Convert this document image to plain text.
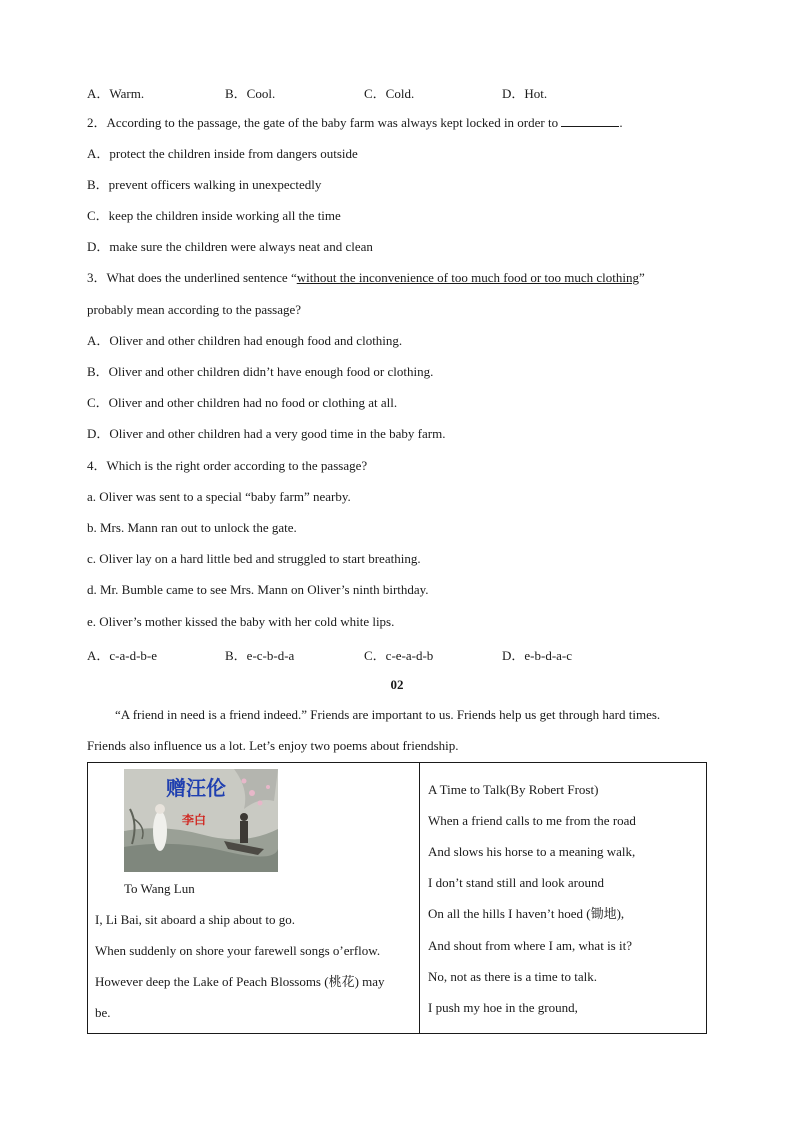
A．Warm.	B．Cool.	C．Cold.	D．Hot.
2．According to the passage, the gate of the baby farm was always kept locked in order to	.
A．protect the children inside from dangers outside
B．prevent officers walking in unexpectedly
C．keep the children inside working all the time
D．make sure the children were always neat and clean
3．What does the underlined sentence “without the inconvenience of too much food or too much clothing”
probably mean according to the passage?
A．Oliver and other children had enough food and clothing.
B．Oliver and other children didn’t have enough food or clothing.
C．Oliver and other children had no food or clothing at all.
D．Oliver and other children had a very good time in the baby farm.
4．Which is the right order according to the passage?
a. Oliver was sent to a special “baby farm” nearby.
b. Mrs. Mann ran out to unlock the gate.
c. Oliver lay on a hard little bed and struggled to start breathing.
d. Mr. Bumble came to see Mrs. Mann on Oliver’s ninth birthday.
e. Oliver’s mother kissed the baby with her cold white lips.
A．c-a-d-b-e	B．e-c-b-d-a	C．c-e-a-d-b	D．e-b-d-a-c
02
“A friend in need is a friend indeed.” Friends are important to us. Friends help us get through hard times.
Friends also influence us a lot. Let’s enjoy two poems about friendship.
赠汪伦
李白
To Wang Lun
I, Li Bai, sit aboard a ship about to go.
When suddenly on shore your farewell songs o’erflow.
However deep the Lake of Peach Blossoms (桃花) may
be.

A Time to Talk(By Robert Frost)
When a friend calls to me from the road
And slows his horse to a meaning walk,
I don’t stand still and look around
On all the hills I haven’t hoed (锄地),
And shout from where I am, what is it?
No, not as there is a time to talk.
I push my hoe in the ground,
